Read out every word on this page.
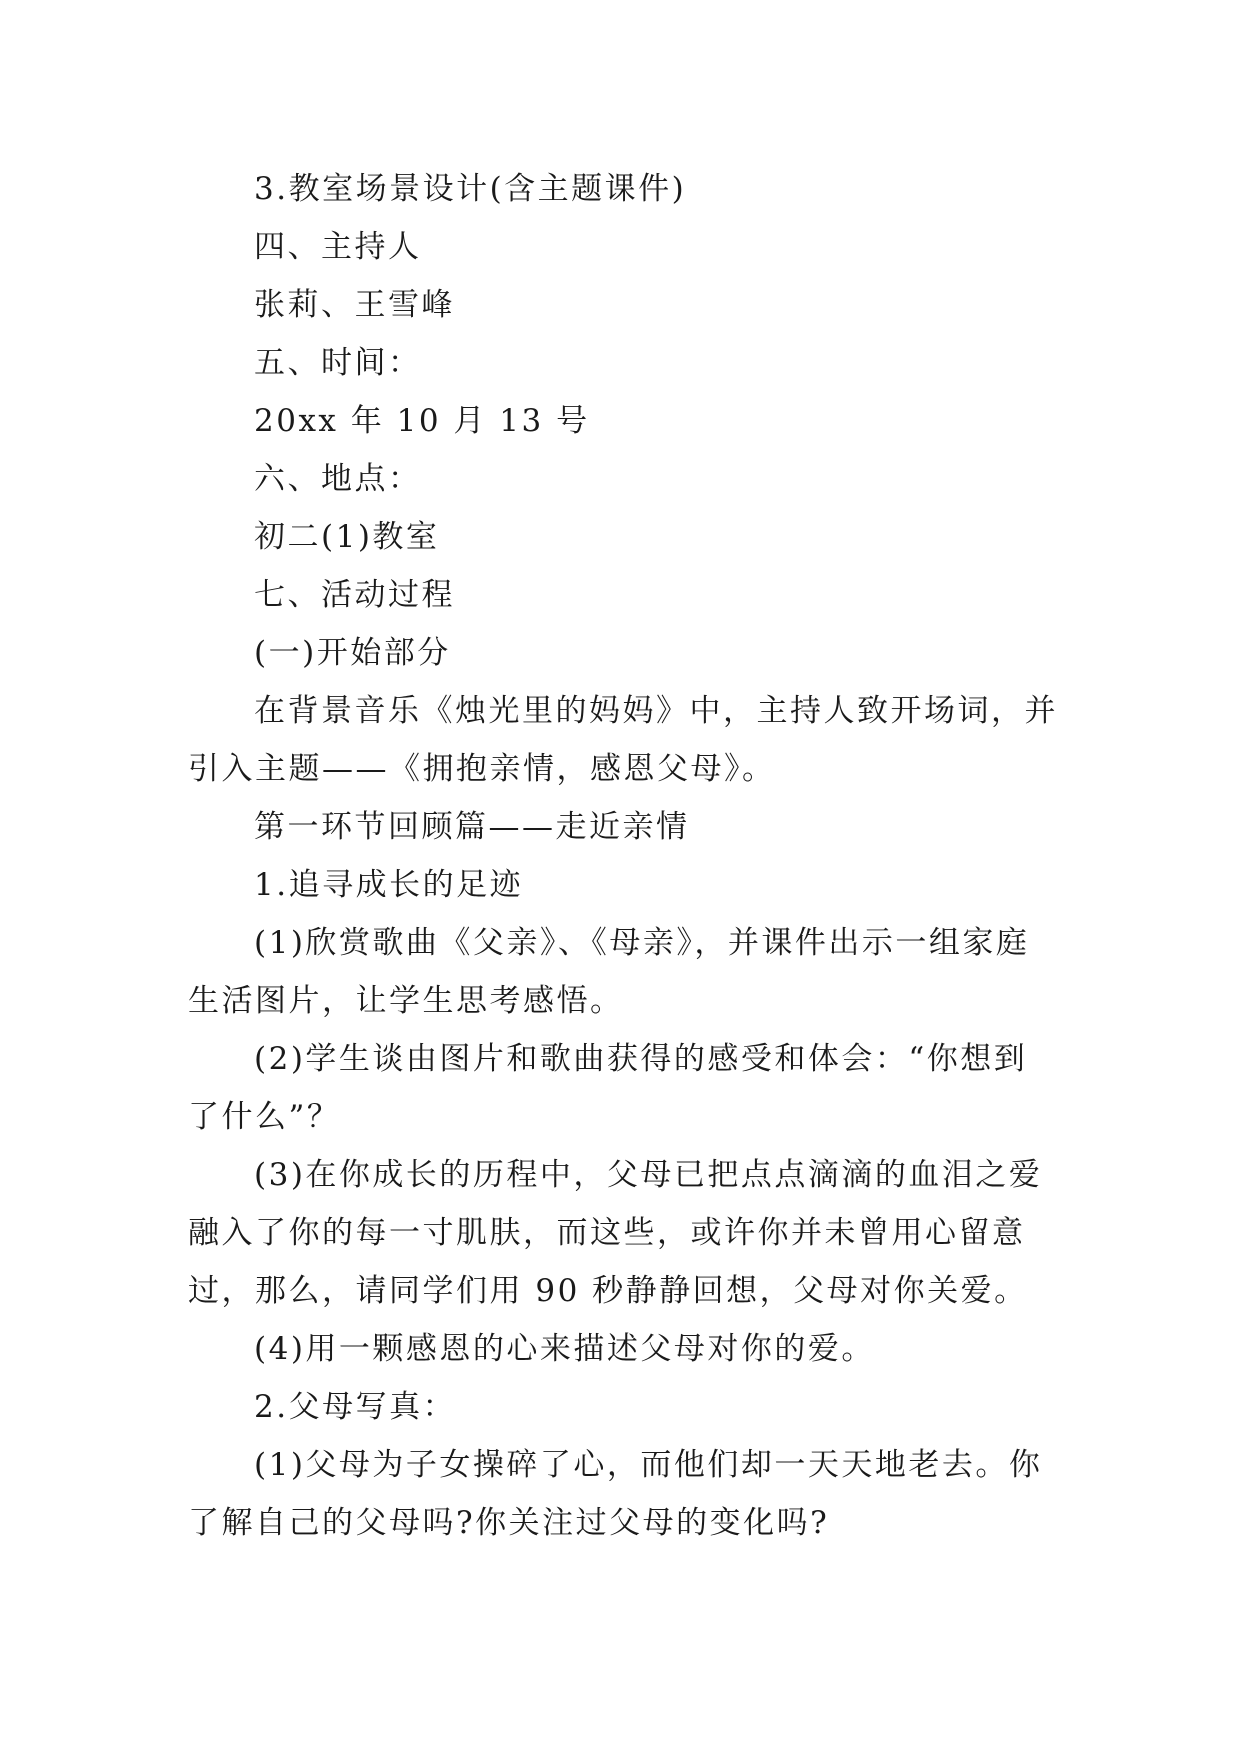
3.教室场景设计(含主题课件)

四、主持人

张莉、王雪峰

五、时间：

20xx 年 10 月 13 号

六、地点：

初二(1)教室

七、活动过程

(一)开始部分

在背景音乐《烛光里的妈妈》中，主持人致开场词，并引入主题——《拥抱亲情，感恩父母》。

第一环节回顾篇——走近亲情

1.追寻成长的足迹

(1)欣赏歌曲《父亲》、《母亲》，并课件出示一组家庭生活图片，让学生思考感悟。

(2)学生谈由图片和歌曲获得的感受和体会：“你想到了什么”？

(3)在你成长的历程中，父母已把点点滴滴的血泪之爱融入了你的每一寸肌肤，而这些，或许你并未曾用心留意过，那么，请同学们用 90 秒静静回想，父母对你关爱。

(4)用一颗感恩的心来描述父母对你的爱。

2.父母写真：

(1)父母为子女操碎了心，而他们却一天天地老去。你了解自己的父母吗?你关注过父母的变化吗?
